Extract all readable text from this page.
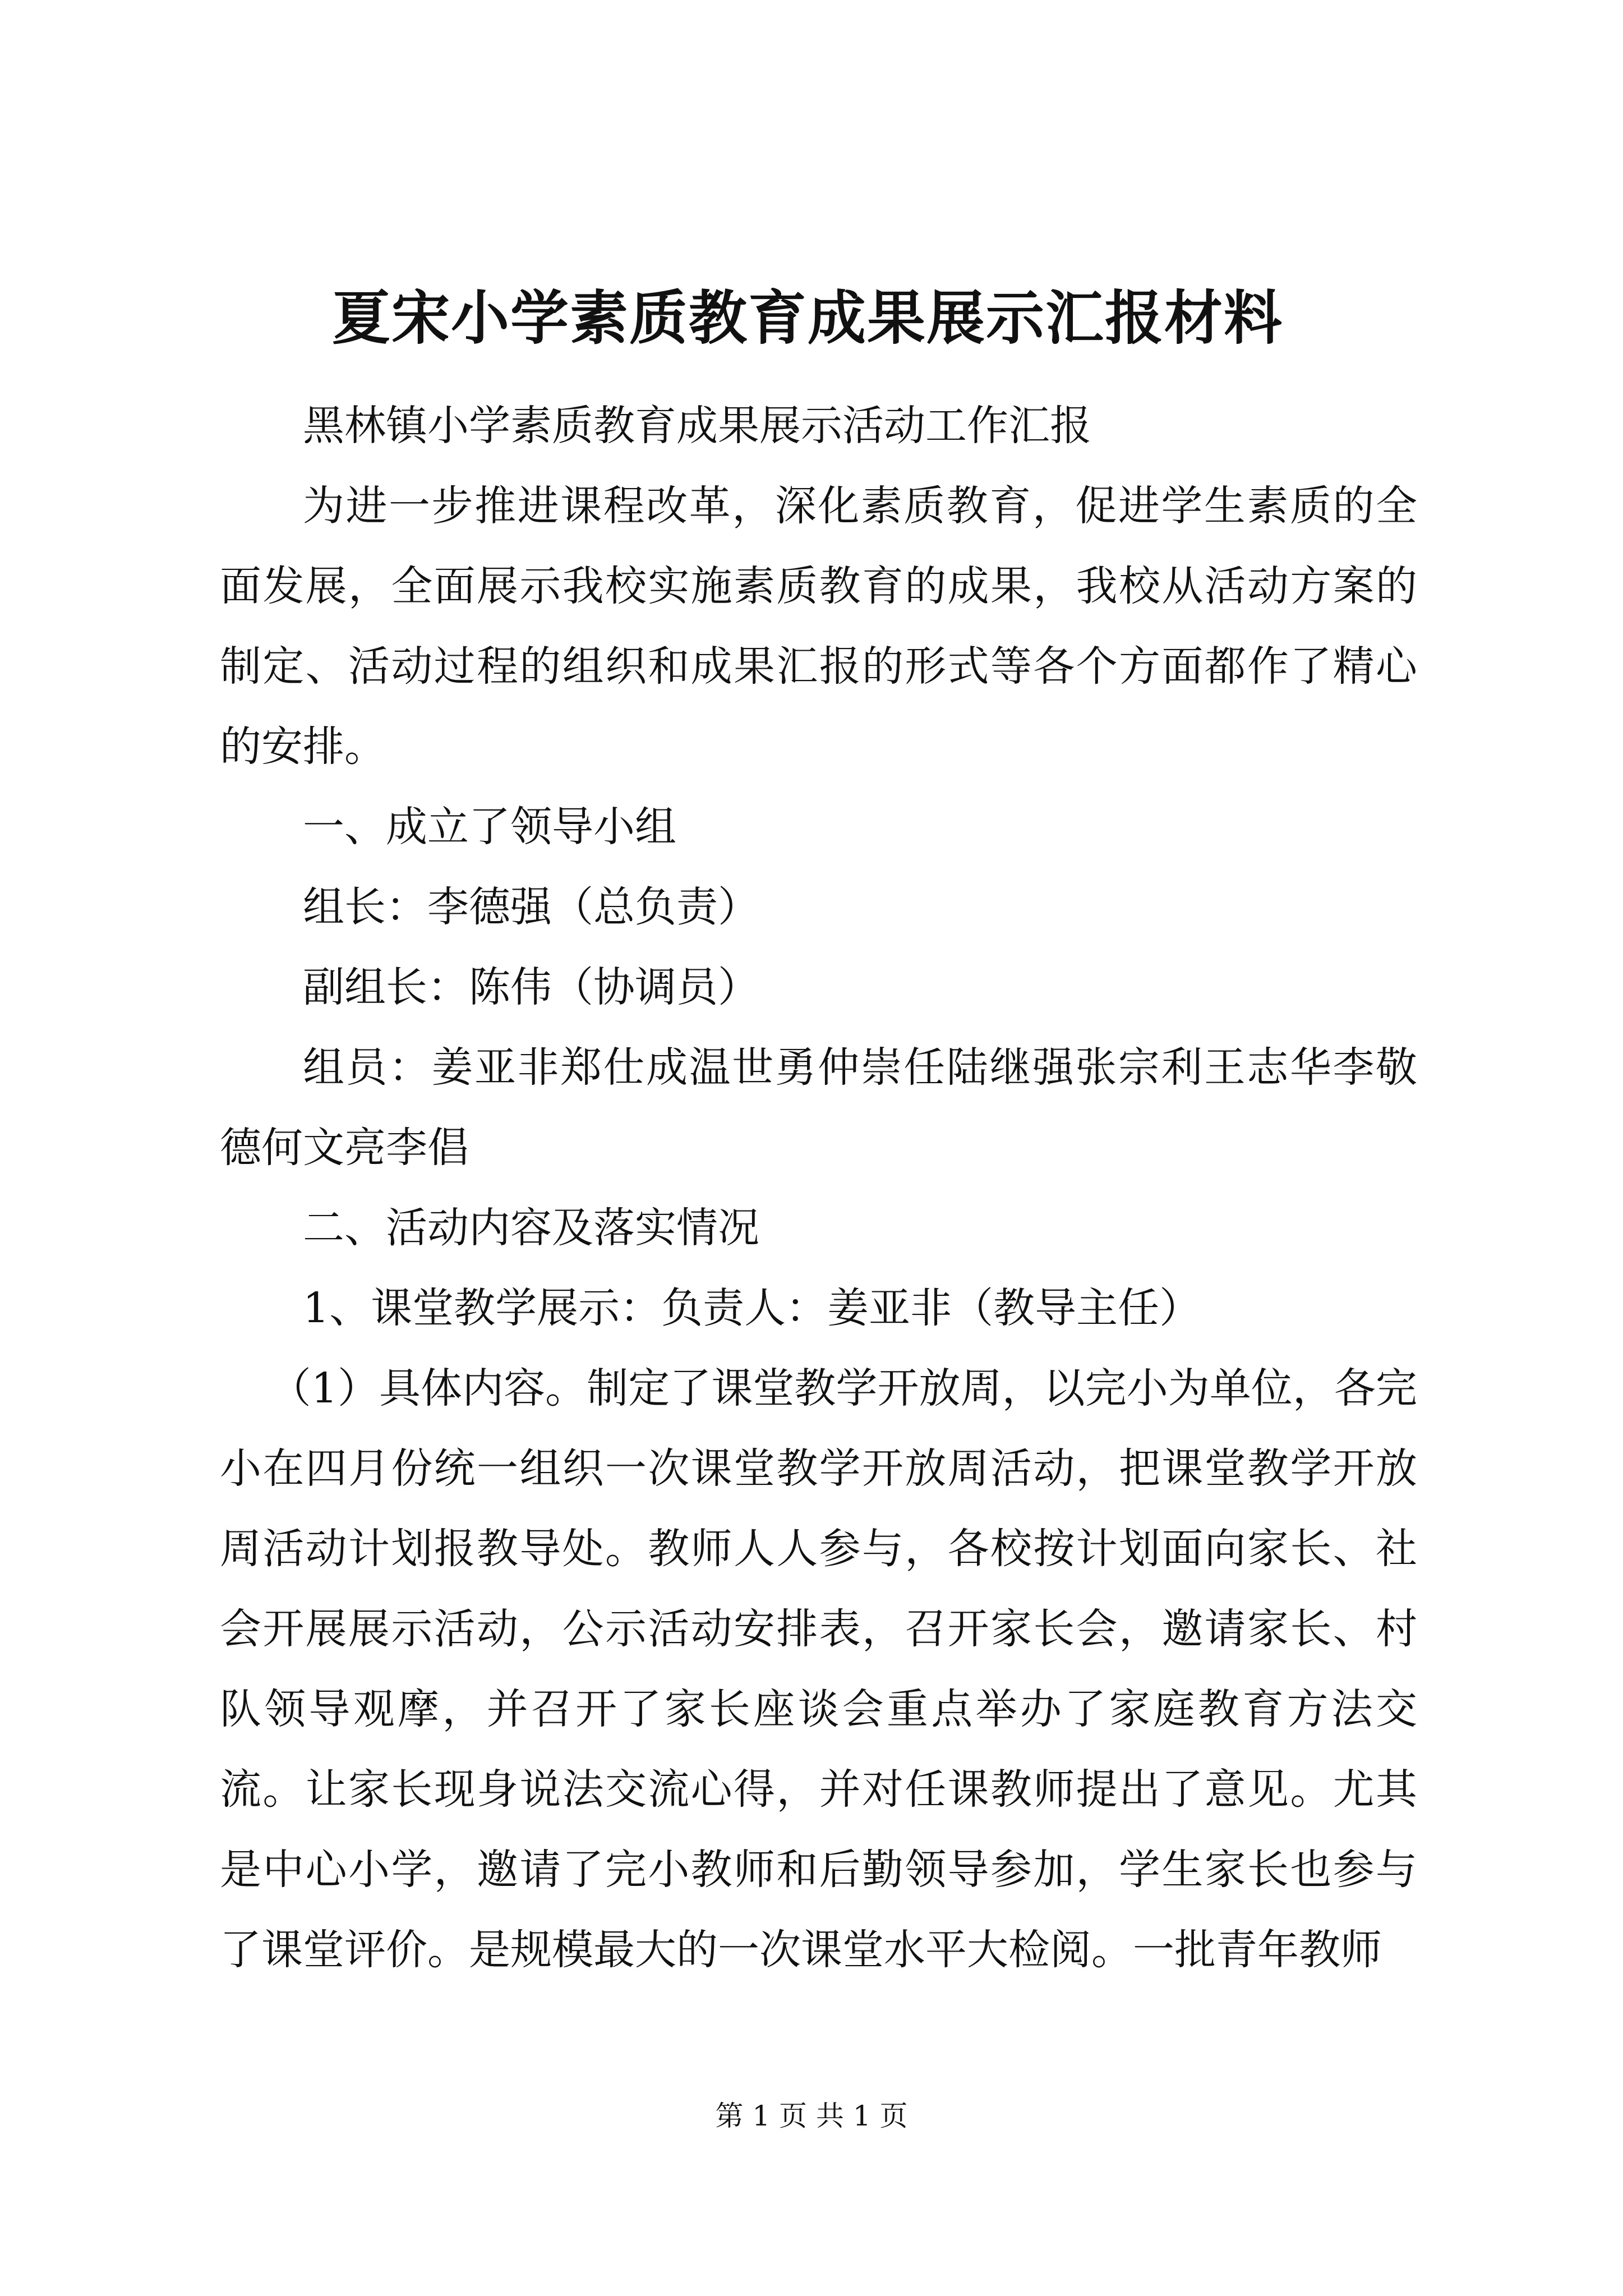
夏宋小学素质教育成果展示汇报材料

黑林镇小学素质教育成果展示活动工作汇报

为进一步推进课程改革，深化素质教育，促进学生素质的全面发展，全面展示我校实施素质教育的成果，我校从活动方案的制定、活动过程的组织和成果汇报的形式等各个方面都作了精心的安排。

一、成立了领导小组

组长：李德强（总负责）

副组长：陈伟（协调员）

组员：姜亚非郑仕成温世勇仲崇任陆继强张宗利王志华李敬德何文亮李倡

二、活动内容及落实情况

1、课堂教学展示：负责人：姜亚非（教导主任）

（1）具体内容。制定了课堂教学开放周，以完小为单位，各完小在四月份统一组织一次课堂教学开放周活动，把课堂教学开放周活动计划报教导处。教师人人参与，各校按计划面向家长、社会开展展示活动，公示活动安排表，召开家长会，邀请家长、村队领导观摩，并召开了家长座谈会重点举办了家庭教育方法交流。让家长现身说法交流心得，并对任课教师提出了意见。尤其是中心小学，邀请了完小教师和后勤领导参加，学生家长也参与了课堂评价。是规模最大的一次课堂水平大检阅。一批青年教师

第 1 页 共 1 页
